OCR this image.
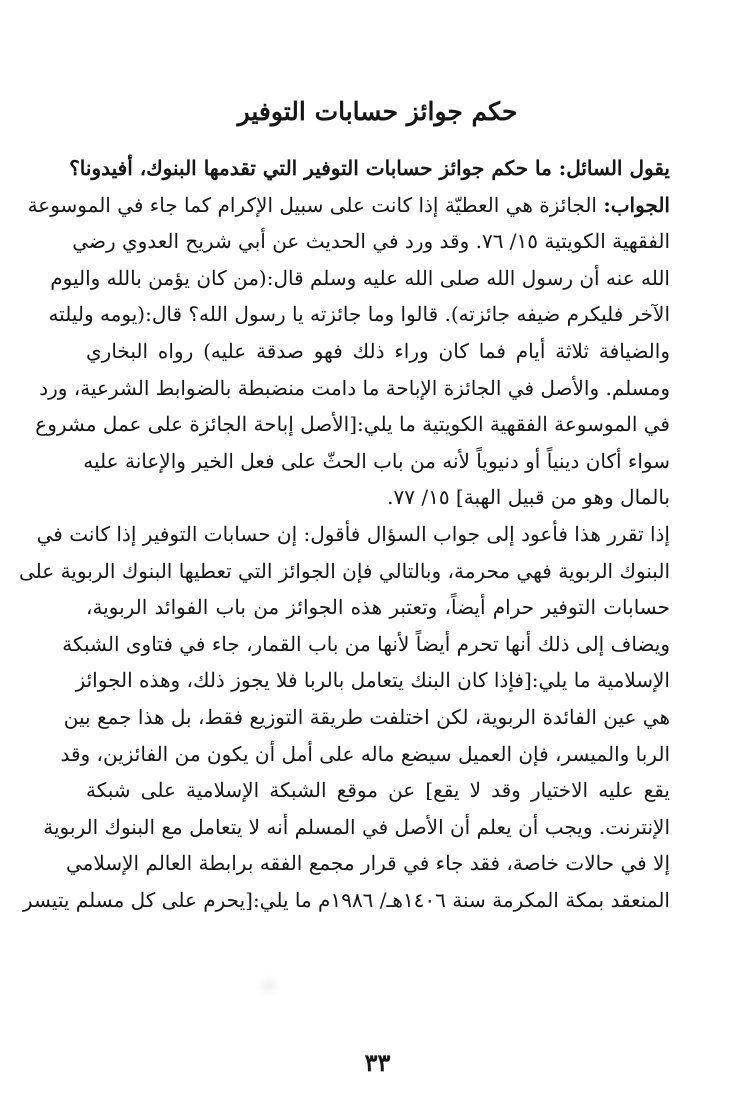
حكم جوائز حسابات التوفير
يقول السائل: ما حكم جوائز حسابات التوفير التي تقدمها البنوك، أفيدونا؟
الجواب: الجائزة هي العطيّة إذا كانت على سبيل الإكرام كما جاء في الموسوعة
الفقهية الكويتية ١٥/ ٧٦. وقد ورد في الحديث عن أبي شريح العدوي رضي
الله عنه أن رسول الله صلى الله عليه وسلم قال:(من كان يؤمن بالله واليوم
الآخر فليكرم ضيفه جائزته). قالوا وما جائزته يا رسول الله؟ قال:(يومه وليلته
والضيافة ثلاثة أيام فما كان وراء ذلك فهو صدقة عليه) رواه البخاري
ومسلم. والأصل في الجائزة الإباحة ما دامت منضبطة بالضوابط الشرعية، ورد
في الموسوعة الفقهية الكويتية ما يلي:[الأصل إباحة الجائزة على عمل مشروع
سواء أكان دينياً أو دنيوياً لأنه من باب الحثّ على فعل الخير والإعانة عليه
بالمال وهو من قبيل الهبة] ١٥/ ٧٧.
إذا تقرر هذا فأعود إلى جواب السؤال فأقول: إن حسابات التوفير إذا كانت في
البنوك الربوية فهي محرمة، وبالتالي فإن الجوائز التي تعطيها البنوك الربوية على
حسابات التوفير حرام أيضاً، وتعتبر هذه الجوائز من باب الفوائد الربوية،
ويضاف إلى ذلك أنها تحرم أيضاً لأنها من باب القمار، جاء في فتاوى الشبكة
الإسلامية ما يلي:[فإذا كان البنك يتعامل بالربا فلا يجوز ذلك، وهذه الجوائز
هي عين الفائدة الربوية، لكن اختلفت طريقة التوزيع فقط، بل هذا جمع بين
الربا والميسر، فإن العميل سيضع ماله على أمل أن يكون من الفائزين، وقد
يقع عليه الاختيار وقد لا يقع] عن موقع الشبكة الإسلامية على شبكة
الإنترنت. ويجب أن يعلم أن الأصل في المسلم أنه لا يتعامل مع البنوك الربوية
إلا في حالات خاصة، فقد جاء في قرار مجمع الفقه برابطة العالم الإسلامي
المنعقد بمكة المكرمة سنة ١٤٠٦هـ/ ١٩٨٦م ما يلي:[يحرم على كل مسلم يتيسر
٣٣
